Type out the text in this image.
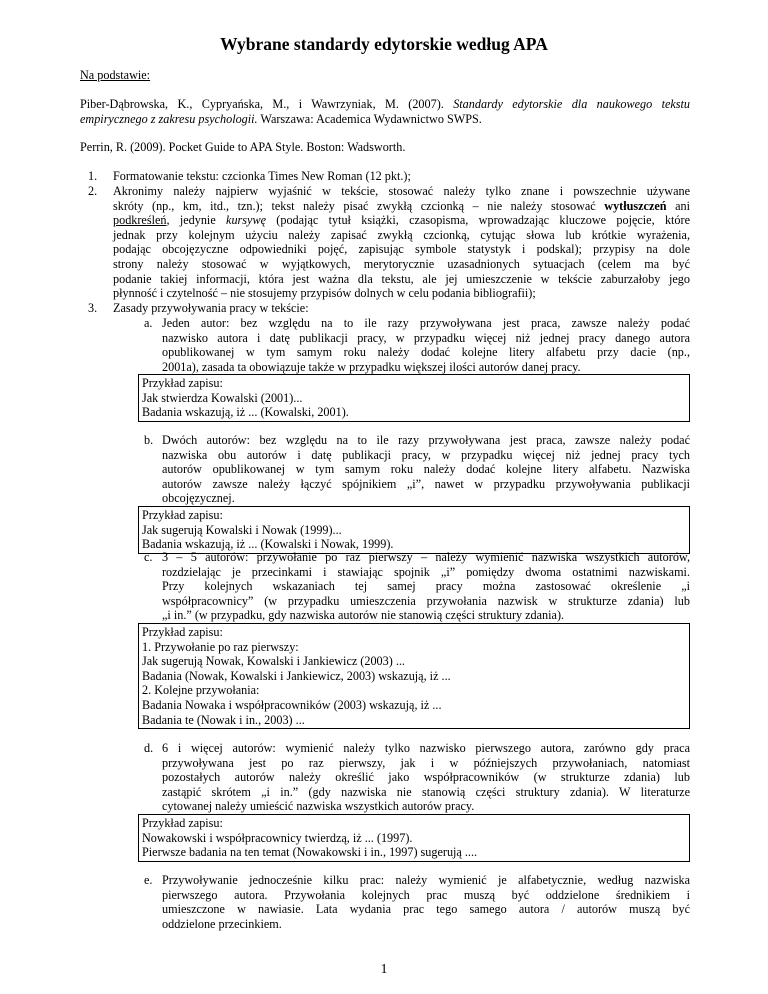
Wybrane standardy edytorskie według APA
Na podstawie:
Piber-Dąbrowska, K., Cypryańska, M., i Wawrzyniak, M. (2007). Standardy edytorskie dla naukowego tekstu
empirycznego z zakresu psychologii. Warszawa: Academica Wydawnictwo SWPS.
Perrin, R. (2009). Pocket Guide to APA Style. Boston: Wadsworth.
1. Formatowanie tekstu: czcionka Times New Roman (12 pkt.);
2. Akronimy należy najpierw wyjaśnić w tekście, stosować należy tylko znane i powszechnie używane
skróty (np., km, itd., tzn.); tekst należy pisać zwykłą czcionką – nie należy stosować wytłuszczeń ani
podkreśleń, jedynie kursywę (podając tytuł książki, czasopisma, wprowadzając kluczowe pojęcie, które
jednak przy kolejnym użyciu należy zapisać zwykłą czcionką, cytując słowa lub krótkie wyrażenia,
podając obcojęzyczne odpowiedniki pojęć, zapisując symbole statystyk i podskal); przypisy na dole
strony należy stosować w wyjątkowych, merytorycznie uzasadnionych sytuacjach (celem ma być
podanie takiej informacji, która jest ważna dla tekstu, ale jej umieszczenie w tekście zaburzałoby jego
płynność i czytelność – nie stosujemy przypisów dolnych w celu podania bibliografii);
3. Zasady przywoływania pracy w tekście:
a. Jeden autor: bez względu na to ile razy przywoływana jest praca, zawsze należy podać
nazwisko autora i datę publikacji pracy, w przypadku więcej niż jednej pracy danego autora
opublikowanej w tym samym roku należy dodać kolejne litery alfabetu przy dacie (np.,
2001a), zasada ta obowiązuje także w przypadku większej ilości autorów danej pracy.
Przykład zapisu:
Jak stwierdza Kowalski (2001)...
Badania wskazują, iż ... (Kowalski, 2001).
b. Dwóch autorów: bez względu na to ile razy przywoływana jest praca, zawsze należy podać
nazwiska obu autorów i datę publikacji pracy, w przypadku więcej niż jednej pracy tych
autorów opublikowanej w tym samym roku należy dodać kolejne litery alfabetu. Nazwiska
autorów zawsze należy łączyć spójnikiem „i”, nawet w przypadku przywoływania publikacji
obcojęzycznej.
Przykład zapisu:
Jak sugerują Kowalski i Nowak (1999)...
Badania wskazują, iż ... (Kowalski i Nowak, 1999).
c. 3 – 5 autorów: przywołanie po raz pierwszy – należy wymienić nazwiska wszystkich autorów,
rozdzielając je przecinkami i stawiając spojnik „i” pomiędzy dwoma ostatnimi nazwiskami.
Przy kolejnych wskazaniach tej samej pracy można zastosować określenie „i
współpracownicy” (w przypadku umieszczenia przywołania nazwisk w strukturze zdania) lub
„i in.” (w przypadku, gdy nazwiska autorów nie stanowią części struktury zdania).
Przykład zapisu:
1. Przywołanie po raz pierwszy:
Jak sugerują Nowak, Kowalski i Jankiewicz (2003) ...
Badania (Nowak, Kowalski i Jankiewicz, 2003) wskazują, iż ...
2. Kolejne przywołania:
Badania Nowaka i współpracowników (2003) wskazują, iż ...
Badania te (Nowak i in., 2003) ...
d. 6 i więcej autorów: wymienić należy tylko nazwisko pierwszego autora, zarówno gdy praca
przywoływana jest po raz pierwszy, jak i w późniejszych przywołaniach, natomiast
pozostałych autorów należy określić jako współpracowników (w strukturze zdania) lub
zastąpić skrótem „i in.” (gdy nazwiska nie stanowią części struktury zdania). W literaturze
cytowanej należy umieścić nazwiska wszystkich autorów pracy.
Przykład zapisu:
Nowakowski i współpracownicy twierdzą, iż ... (1997).
Pierwsze badania na ten temat (Nowakowski i in., 1997) sugerują ....
e. Przywoływanie jednocześnie kilku prac: należy wymienić je alfabetycznie, według nazwiska
pierwszego autora. Przywołania kolejnych prac muszą być oddzielone średnikiem i
umieszczone w nawiasie. Lata wydania prac tego samego autora / autorów muszą być
oddzielone przecinkiem.
1
